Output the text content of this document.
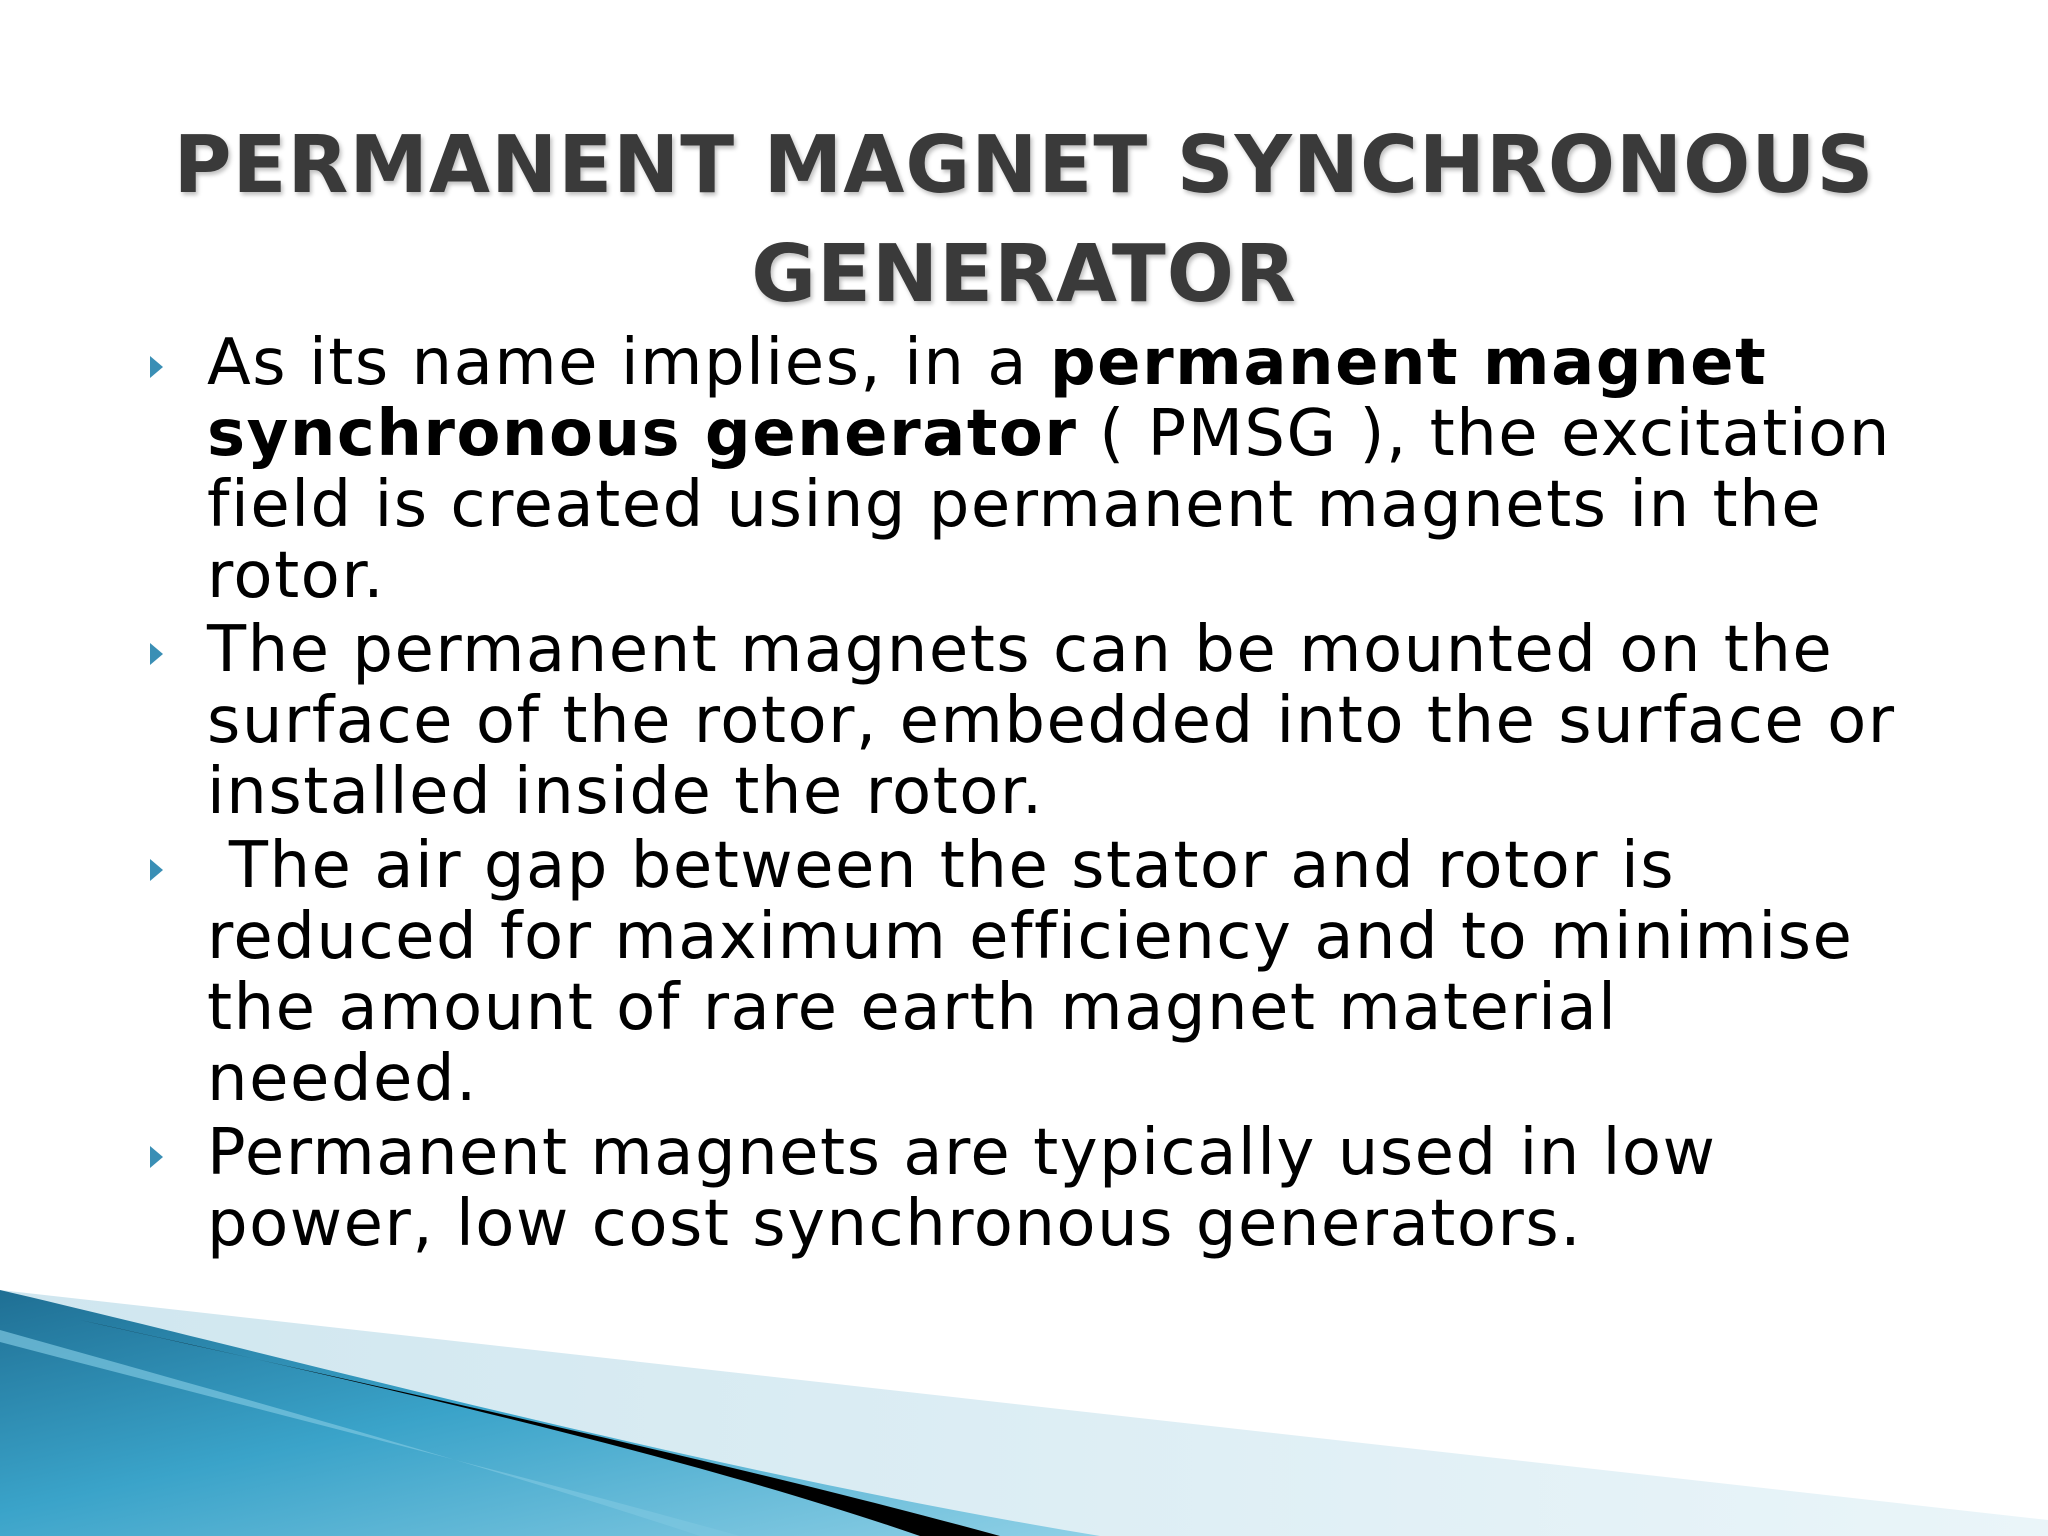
PERMANENT MAGNET SYNCHRONOUS
GENERATOR
As its name implies, in a permanent magnet synchronous generator ( PMSG ), the excitation field is created using permanent magnets in the rotor.
The permanent magnets can be mounted on the surface of the rotor, embedded into the surface or installed inside the rotor.
The air gap between the stator and rotor is reduced for maximum efficiency and to minimise the amount of rare earth magnet material needed.
Permanent magnets are typically used in low power, low cost synchronous generators.
